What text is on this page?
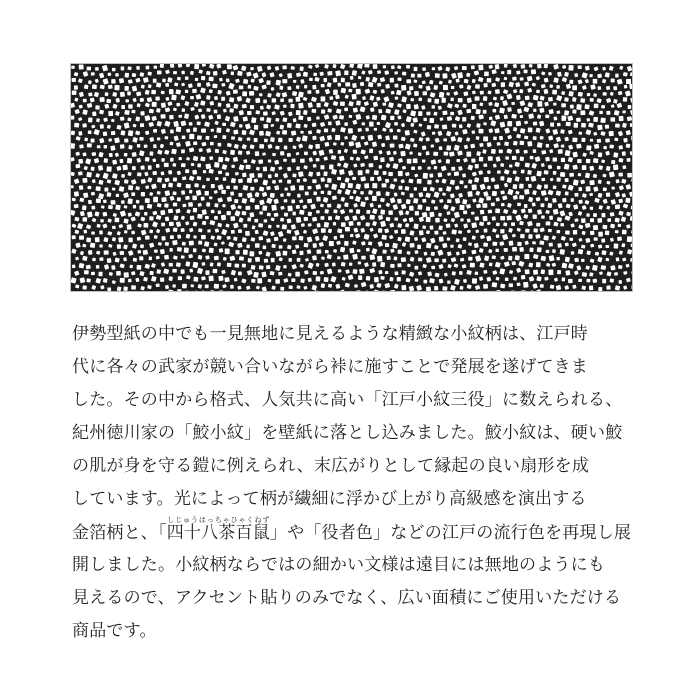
伊勢型紙の中でも一見無地に見えるような精緻な小紋柄は、江戸時
代に各々の武家が競い合いながら裃に施すことで発展を遂げてきま
した。その中から格式、人気共に高い「江戸小紋三役」に数えられる、
紀州徳川家の「鮫小紋」を壁紙に落とし込みました。鮫小紋は、硬い鮫
の肌が身を守る鎧に例えられ、末広がりとして縁起の良い扇形を成
しています。光によって柄が繊細に浮かび上がり高級感を演出する
金箔柄と、「四十八茶百鼠しじゅうはっちゃひゃくねず」や「役者色」などの江戸の流行色を再現し展
開しました。小紋柄ならではの細かい文様は遠目には無地のようにも
見えるので、アクセント貼りのみでなく、広い面積にご使用いただける
商品です。
